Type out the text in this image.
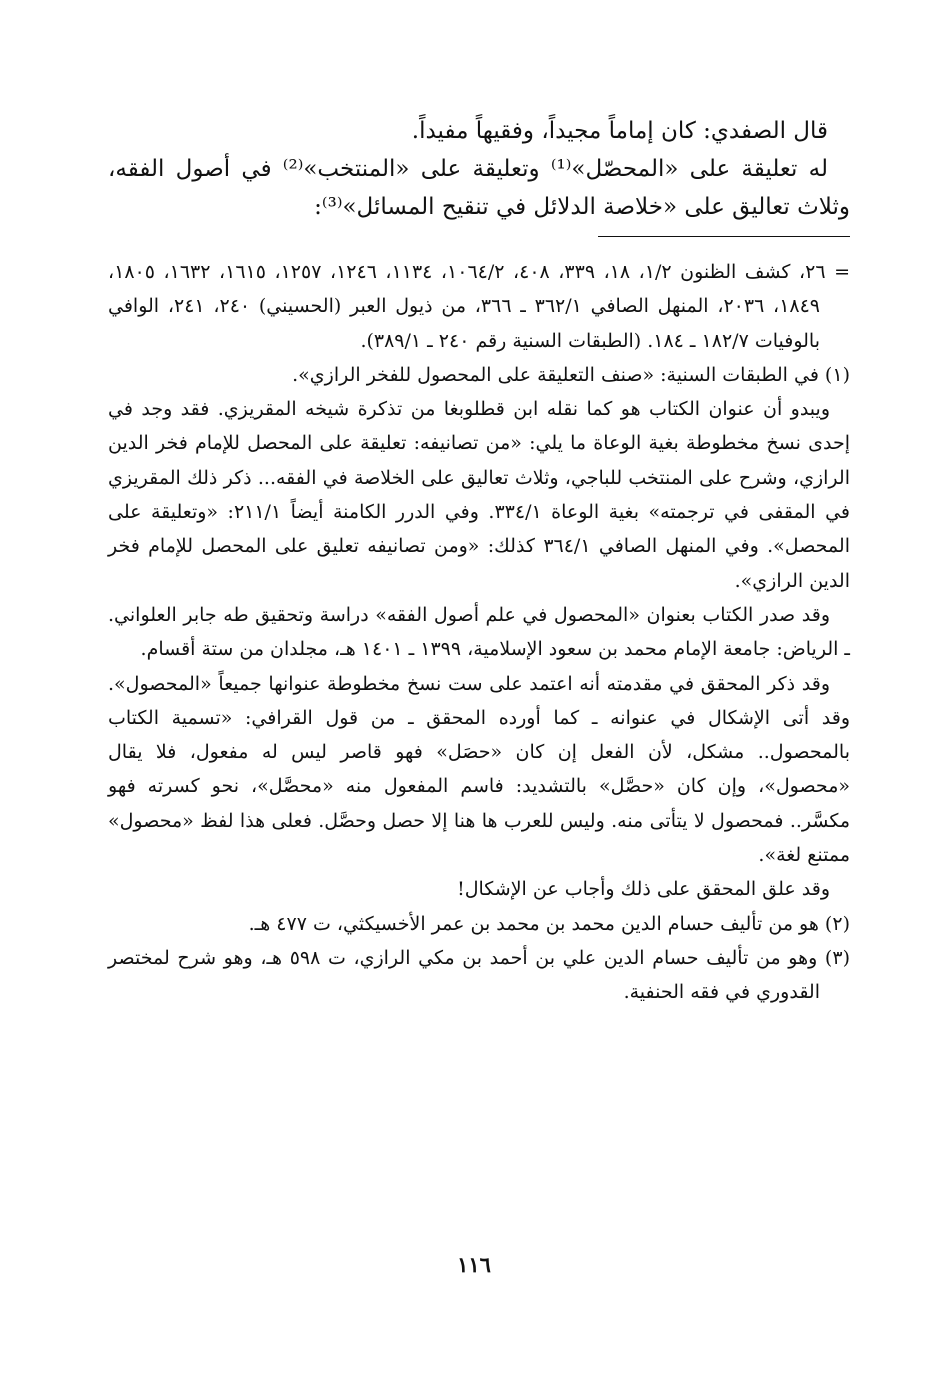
قال الصفدي: كان إماماً مجيداً، وفقيهاً مفيداً.

له تعليقة على «المحصّل»⁽¹⁾ وتعليقة على «المنتخب»⁽²⁾ في أصول الفقه، وثلاث تعاليق على «خلاصة الدلائل في تنقيح المسائل»⁽³⁾:

= ٢٦، كشف الظنون ١/٢، ١٨، ٣٣٩، ٤٠٨، ١٠٦٤/٢، ١١٣٤، ١٢٤٦، ١٢٥٧، ١٦١٥، ١٦٣٢، ١٨٠٥، ١٨٤٩، ٢٠٣٦، المنهل الصافي ٣٦٢/١ ـ ٣٦٦، من ذيول العبر (الحسيني) ٢٤٠، ٢٤١، الوافي بالوفيات ١٨٢/٧ ـ ١٨٤. (الطبقات السنية رقم ٢٤٠ ـ ٣٨٩/١).

(١) في الطبقات السنية: «صنف التعليقة على المحصول للفخر الرازي».

ويبدو أن عنوان الكتاب هو كما نقله ابن قطلوبغا من تذكرة شيخه المقريزي. فقد وجد في إحدى نسخ مخطوطة بغية الوعاة ما يلي: «من تصانيفه: تعليقة على المحصل للإمام فخر الدين الرازي، وشرح على المنتخب للباجي، وثلاث تعاليق على الخلاصة في الفقه... ذكر ذلك المقريزي في المقفى في ترجمته» بغية الوعاة ٣٣٤/١. وفي الدرر الكامنة أيضاً ٢١١/١: «وتعليقة على المحصل». وفي المنهل الصافي ٣٦٤/١ كذلك: «ومن تصانيفه تعليق على المحصل للإمام فخر الدين الرازي».

وقد صدر الكتاب بعنوان «المحصول في علم أصول الفقه» دراسة وتحقيق طه جابر العلواني. ـ الرياض: جامعة الإمام محمد بن سعود الإسلامية، ١٣٩٩ ـ ١٤٠١ هـ، مجلدان من ستة أقسام.

وقد ذكر المحقق في مقدمته أنه اعتمد على ست نسخ مخطوطة عنوانها جميعاً «المحصول». وقد أتى الإشكال في عنوانه ـ كما أورده المحقق ـ من قول القرافي: «تسمية الكتاب بالمحصول.. مشكل، لأن الفعل إن كان «حصَل» فهو قاصر ليس له مفعول، فلا يقال «محصول»، وإن كان «حصَّل» بالتشديد: فاسم المفعول منه «محصَّل»، نحو كسرته فهو مكسَّر.. فمحصول لا يتأتى منه. وليس للعرب ها هنا إلا حصل وحصَّل. فعلى هذا لفظ «محصول» ممتنع لغة».

وقد علق المحقق على ذلك وأجاب عن الإشكال!

(٢) هو من تأليف حسام الدين محمد بن محمد بن عمر الأخسيكثي، ت ٤٧٧ هـ.

(٣) وهو من تأليف حسام الدين علي بن أحمد بن مكي الرازي، ت ٥٩٨ هـ، وهو شرح لمختصر القدوري في فقه الحنفية.

١١٦
